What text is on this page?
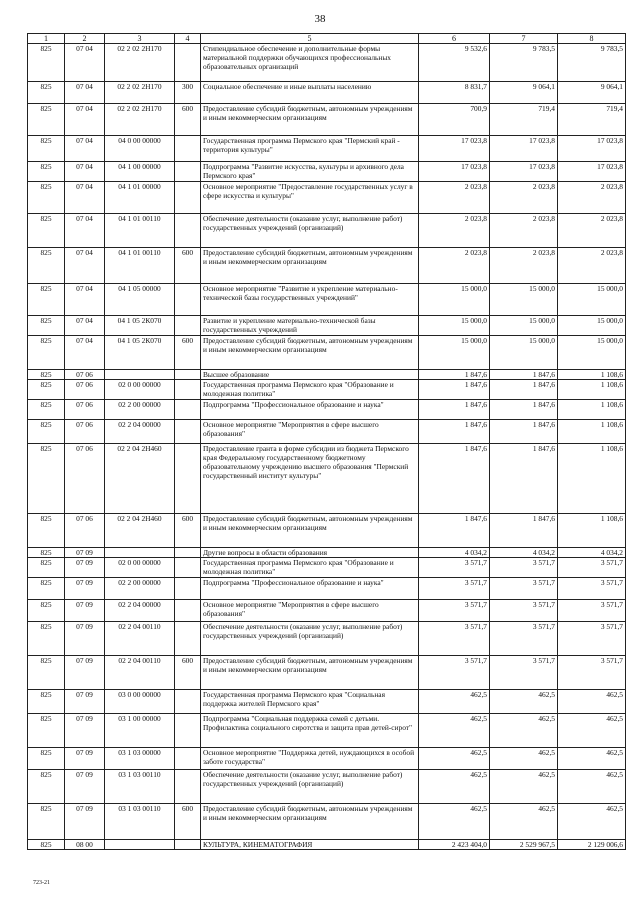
38
1	2	3	4	5	6	7	8
825	07 04	02 2 02 2Н170		Стипендиальное обеспечение и дополнительные формы материальной поддержки обучающихся профессиональных образовательных организаций	9 532,6	9 783,5	9 783,5
825	07 04	02 2 02 2Н170	300	Социальное обеспечение и иные выплаты населению	8 831,7	9 064,1	9 064,1
825	07 04	02 2 02 2Н170	600	Предоставление субсидий бюджетным, автономным учреждениям и иным некоммерческим организациям	700,9	719,4	719,4
825	07 04	04 0 00 00000		Государственная программа Пермского края "Пермский край - территория культуры"	17 023,8	17 023,8	17 023,8
825	07 04	04 1 00 00000		Подпрограмма "Развитие искусства, культуры и архивного дела Пермского края"	17 023,8	17 023,8	17 023,8
825	07 04	04 1 01 00000		Основное мероприятие "Предоставление государственных услуг в сфере искусства и культуры"	2 023,8	2 023,8	2 023,8
825	07 04	04 1 01 00110		Обеспечение деятельности (оказание услуг, выполнение работ) государственных учреждений (организаций)	2 023,8	2 023,8	2 023,8
825	07 04	04 1 01 00110	600	Предоставление субсидий бюджетным, автономным учреждениям и иным некоммерческим организациям	2 023,8	2 023,8	2 023,8
825	07 04	04 1 05 00000		Основное мероприятие "Развитие и укрепление материально-технической базы государственных учреждений"	15 000,0	15 000,0	15 000,0
825	07 04	04 1 05 2К070		Развитие и укрепление материально-технической базы государственных учреждений	15 000,0	15 000,0	15 000,0
825	07 04	04 1 05 2К070	600	Предоставление субсидий бюджетным, автономным учреждениям и иным некоммерческим организациям	15 000,0	15 000,0	15 000,0
825	07 06			Высшее образование	1 847,6	1 847,6	1 108,6
825	07 06	02 0 00 00000		Государственная программа Пермского края "Образование и молодежная политика"	1 847,6	1 847,6	1 108,6
825	07 06	02 2 00 00000		Подпрограмма "Профессиональное образование и наука"	1 847,6	1 847,6	1 108,6
825	07 06	02 2 04 00000		Основное мероприятие "Мероприятия в сфере высшего образования"	1 847,6	1 847,6	1 108,6
825	07 06	02 2 04 2Н460		Предоставление гранта в форме субсидии из бюджета Пермского края Федеральному государственному бюджетному образовательному учреждению высшего образования "Пермский государственный институт культуры"	1 847,6	1 847,6	1 108,6
825	07 06	02 2 04 2Н460	600	Предоставление субсидий бюджетным, автономным учреждениям и иным некоммерческим организациям	1 847,6	1 847,6	1 108,6
825	07 09			Другие вопросы в области образования	4 034,2	4 034,2	4 034,2
825	07 09	02 0 00 00000		Государственная программа Пермского края "Образование и молодежная политика"	3 571,7	3 571,7	3 571,7
825	07 09	02 2 00 00000		Подпрограмма "Профессиональное образование и наука"	3 571,7	3 571,7	3 571,7
825	07 09	02 2 04 00000		Основное мероприятие "Мероприятия в сфере высшего образования"	3 571,7	3 571,7	3 571,7
825	07 09	02 2 04 00110		Обеспечение деятельности (оказание услуг, выполнение работ) государственных учреждений (организаций)	3 571,7	3 571,7	3 571,7
825	07 09	02 2 04 00110	600	Предоставление субсидий бюджетным, автономным учреждениям и иным некоммерческим организациям	3 571,7	3 571,7	3 571,7
825	07 09	03 0 00 00000		Государственная программа Пермского края "Социальная поддержка жителей Пермского края"	462,5	462,5	462,5
825	07 09	03 1 00 00000		Подпрограмма "Социальная поддержка семей с детьми. Профилактика социального сиротства и защита прав детей-сирот"	462,5	462,5	462,5
825	07 09	03 1 03 00000		Основное мероприятие "Поддержка детей, нуждающихся в особой заботе государства"	462,5	462,5	462,5
825	07 09	03 1 03 00110		Обеспечение деятельности (оказание услуг, выполнение работ) государственных учреждений (организаций)	462,5	462,5	462,5
825	07 09	03 1 03 00110	600	Предоставление субсидий бюджетным, автономным учреждениям и иным некоммерческим организациям	462,5	462,5	462,5
825	08 00			КУЛЬТУРА, КИНЕМАТОГРАФИЯ	2 423 404,0	2 529 967,5	2 129 006,6
723-21
